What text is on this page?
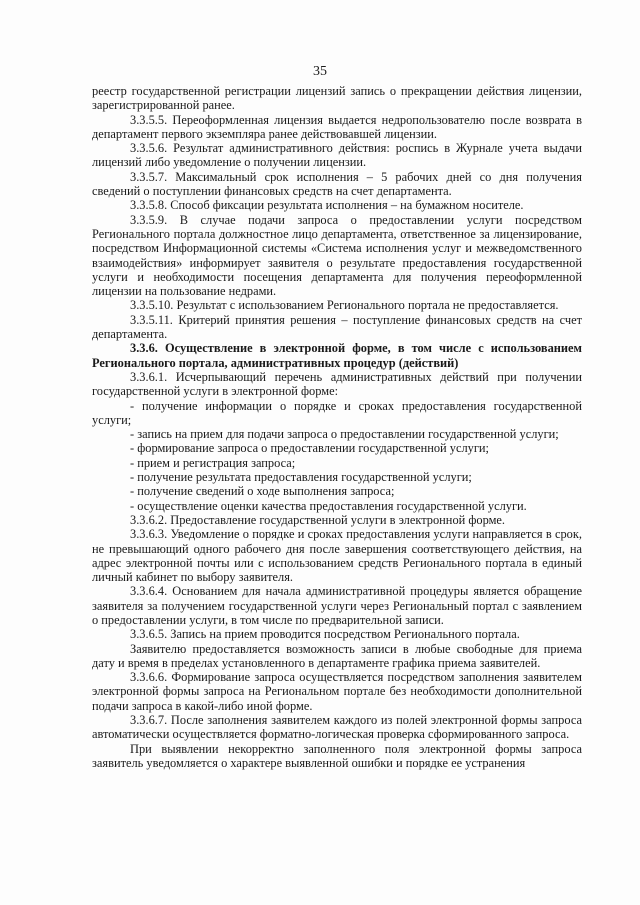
35

реестр государственной регистрации лицензий запись о прекращении действия лицензии, зарегистрированной ранее.

3.3.5.5. Переоформленная лицензия выдается недропользователю после возврата в департамент первого экземпляра ранее действовавшей лицензии.

3.3.5.6. Результат административного действия: роспись в Журнале учета выдачи лицензий либо уведомление о получении лицензии.

3.3.5.7. Максимальный срок исполнения – 5 рабочих дней со дня получения сведений о поступлении финансовых средств на счет департамента.

3.3.5.8. Способ фиксации результата исполнения – на бумажном носителе.

3.3.5.9. В случае подачи запроса о предоставлении услуги посредством Регионального портала должностное лицо департамента, ответственное за лицензирование, посредством Информационной системы «Система исполнения услуг и межведомственного взаимодействия» информирует заявителя о результате предоставления государственной услуги и необходимости посещения департамента для получения переоформленной лицензии на пользование недрами.

3.3.5.10. Результат с использованием Регионального портала не предоставляется.

3.3.5.11. Критерий принятия решения – поступление финансовых средств на счет департамента.

3.3.6. Осуществление в электронной форме, в том числе с использованием Регионального портала, административных процедур (действий)

3.3.6.1. Исчерпывающий перечень административных действий при получении государственной услуги в электронной форме:

- получение информации о порядке и сроках предоставления государственной услуги;

- запись на прием для подачи запроса о предоставлении государственной услуги;

- формирование запроса о предоставлении государственной услуги;

- прием и регистрация запроса;

- получение результата предоставления государственной услуги;

- получение сведений о ходе выполнения запроса;

- осуществление оценки качества предоставления государственной услуги.

3.3.6.2. Предоставление государственной услуги в электронной форме.

3.3.6.3. Уведомление о порядке и сроках предоставления услуги направляется в срок, не превышающий одного рабочего дня после завершения соответствующего действия, на адрес электронной почты или с использованием средств Регионального портала в единый личный кабинет по выбору заявителя.

3.3.6.4. Основанием для начала административной процедуры является обращение заявителя за получением государственной услуги через Региональный портал с заявлением о предоставлении услуги, в том числе по предварительной записи.

3.3.6.5. Запись на прием проводится посредством Регионального портала.

Заявителю предоставляется возможность записи в любые свободные для приема дату и время в пределах установленного в департаменте графика приема заявителей.

3.3.6.6. Формирование запроса осуществляется посредством заполнения заявителем электронной формы запроса на Региональном портале без необходимости дополнительной подачи запроса в какой-либо иной форме.

3.3.6.7. После заполнения заявителем каждого из полей электронной формы запроса автоматически осуществляется форматно-логическая проверка сформированного запроса.

При выявлении некорректно заполненного поля электронной формы запроса заявитель уведомляется о характере выявленной ошибки и порядке ее устранения
